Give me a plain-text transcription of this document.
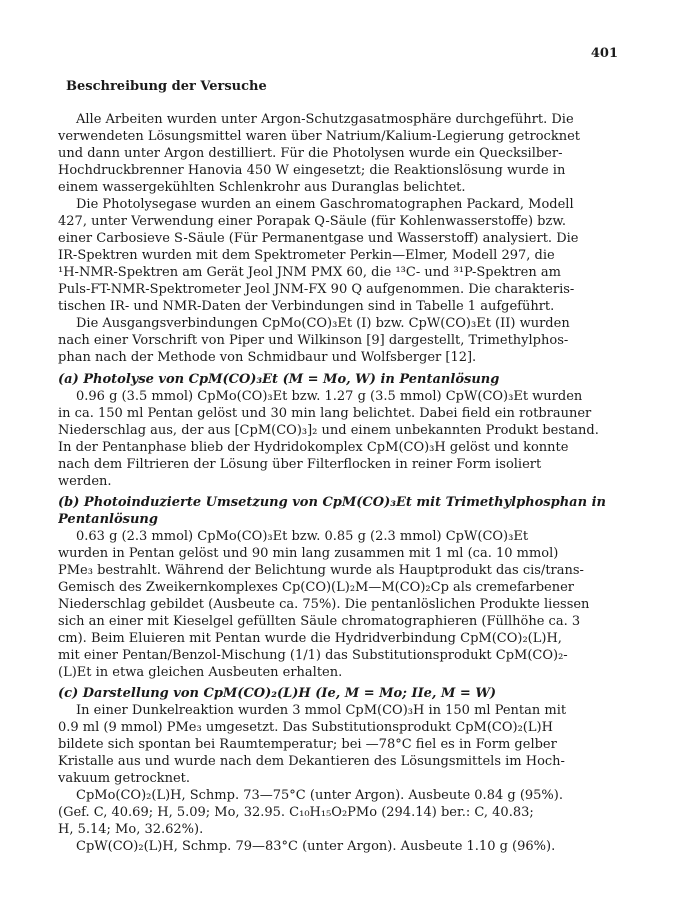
401
Beschreibung der Versuche
Alle Arbeiten wurden unter Argon-Schutzgasatmosphäre durchgeführt. Die
verwendeten Lösungsmittel waren über Natrium/Kalium-Legierung getrocknet
und dann unter Argon destilliert. Für die Photolysen wurde ein Quecksilber-
Hochdruckbrenner Hanovia 450 W eingesetzt; die Reaktionslösung wurde in
einem wassergekühlten Schlenkrohr aus Duranglas belichtet.
Die Photolysegase wurden an einem Gaschromatographen Packard, Modell
427, unter Verwendung einer Porapak Q-Säule (für Kohlenwasserstoffe) bzw.
einer Carbosieve S-Säule (Für Permanentgase und Wasserstoff) analysiert. Die
IR-Spektren wurden mit dem Spektrometer Perkin—Elmer, Modell 297, die
¹H-NMR-Spektren am Gerät Jeol JNM PMX 60, die ¹³C- und ³¹P-Spektren am
Puls-FT-NMR-Spektrometer Jeol JNM-FX 90 Q aufgenommen. Die charakteris-
tischen IR- und NMR-Daten der Verbindungen sind in Tabelle 1 aufgeführt.
Die Ausgangsverbindungen CpMo(CO)₃Et (I) bzw. CpW(CO)₃Et (II) wurden
nach einer Vorschrift von Piper und Wilkinson [9] dargestellt, Trimethylphos-
phan nach der Methode von Schmidbaur und Wolfsberger [12].
(a) Photolyse von CpM(CO)₃Et (M = Mo, W) in Pentanlösung
0.96 g (3.5 mmol) CpMo(CO)₃Et bzw. 1.27 g (3.5 mmol) CpW(CO)₃Et wurden
in ca. 150 ml Pentan gelöst und 30 min lang belichtet. Dabei field ein rotbrauner
Niederschlag aus, der aus [CpM(CO)₃]₂ und einem unbekannten Produkt bestand.
In der Pentanphase blieb der Hydridokomplex CpM(CO)₃H gelöst und konnte
nach dem Filtrieren der Lösung über Filterflocken in reiner Form isoliert
werden.
(b) Photoinduzierte Umsetzung von CpM(CO)₃Et mit Trimethylphosphan in
Pentanlösung
0.63 g (2.3 mmol) CpMo(CO)₃Et bzw. 0.85 g (2.3 mmol) CpW(CO)₃Et
wurden in Pentan gelöst und 90 min lang zusammen mit 1 ml (ca. 10 mmol)
PMe₃ bestrahlt. Während der Belichtung wurde als Hauptprodukt das cis/trans-
Gemisch des Zweikernkomplexes Cp(CO)(L)₂M—M(CO)₂Cp als cremefarbener
Niederschlag gebildet (Ausbeute ca. 75%). Die pentanlöslichen Produkte liessen
sich an einer mit Kieselgel gefüllten Säule chromatographieren (Füllhöhe ca. 3
cm). Beim Eluieren mit Pentan wurde die Hydridverbindung CpM(CO)₂(L)H,
mit einer Pentan/Benzol-Mischung (1/1) das Substitutionsprodukt CpM(CO)₂-
(L)Et in etwa gleichen Ausbeuten erhalten.
(c) Darstellung von CpM(CO)₂(L)H (Ie, M = Mo; IIe, M = W)
In einer Dunkelreaktion wurden 3 mmol CpM(CO)₃H in 150 ml Pentan mit
0.9 ml (9 mmol) PMe₃ umgesetzt. Das Substitutionsprodukt CpM(CO)₂(L)H
bildete sich spontan bei Raumtemperatur; bei —78°C fiel es in Form gelber
Kristalle aus und wurde nach dem Dekantieren des Lösungsmittels im Hoch-
vakuum getrocknet.
CpMo(CO)₂(L)H, Schmp. 73—75°C (unter Argon). Ausbeute 0.84 g (95%).
(Gef. C, 40.69; H, 5.09; Mo, 32.95. C₁₀H₁₅O₂PMo (294.14) ber.: C, 40.83;
H, 5.14; Mo, 32.62%).
CpW(CO)₂(L)H, Schmp. 79—83°C (unter Argon). Ausbeute 1.10 g (96%).
